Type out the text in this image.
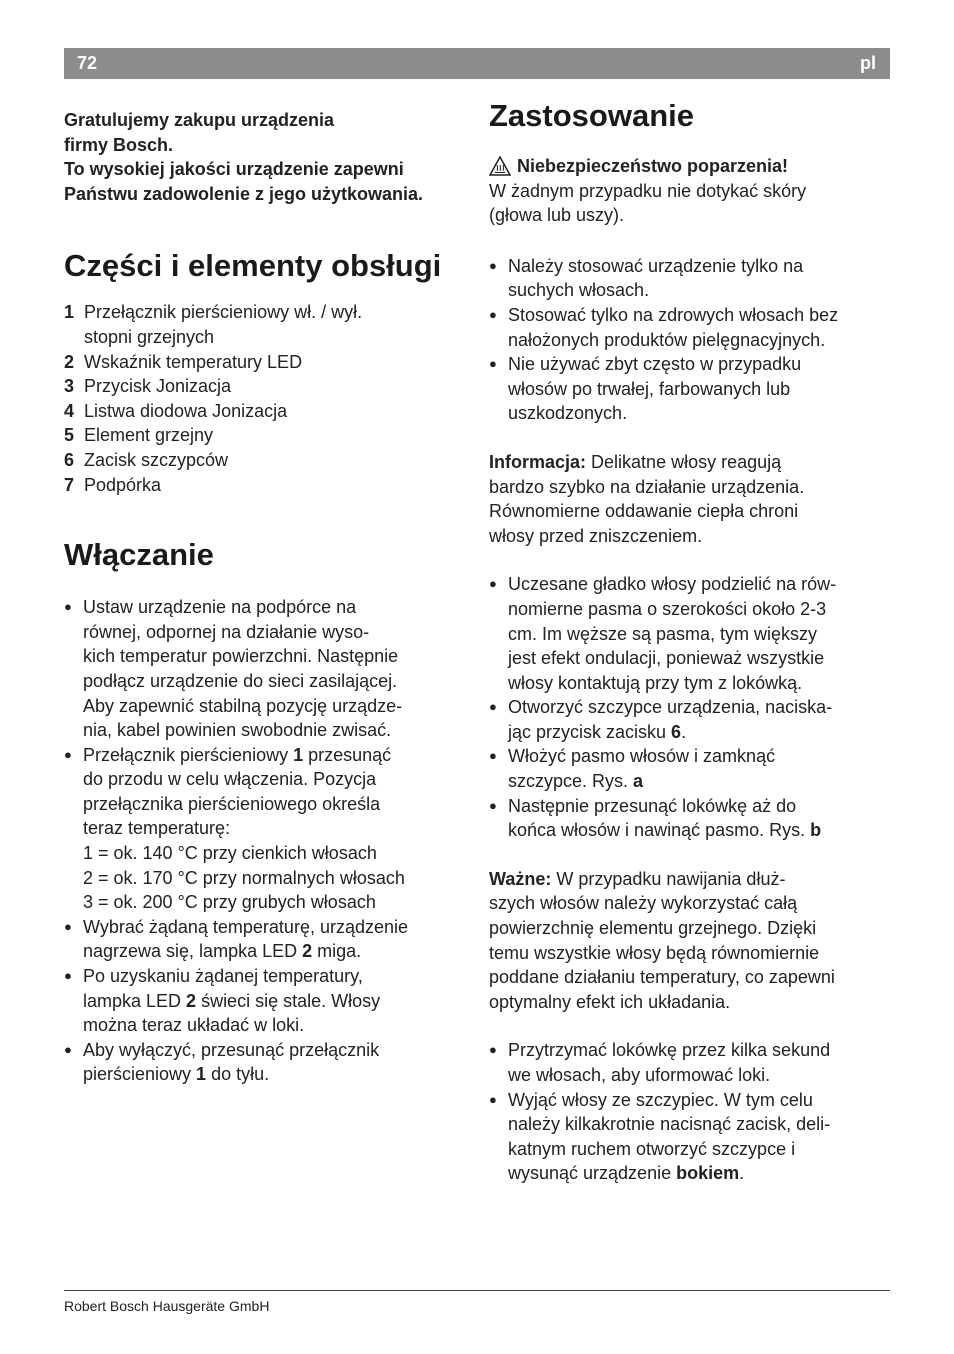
72	pl

Gratulujemy zakupu urządzenia

firmy Bosch.

To wysokiej jakości urządzenie zapewni

Państwu zadowolenie z jego użytkowania.

Części i elementy obsługi
1 Przełącznik pierścieniowy wł. / wył.
stopni grzejnych
2 Wskaźnik temperatury LED
3 Przycisk Jonizacja
4 Listwa diodowa Jonizacja
5 Element grzejny
6 Zacisk szczypców
7 Podpórka
Włączanie
● Ustaw urządzenie na podpórce na
równej, odpornej na działanie wyso-
kich temperatur powierzchni. Następnie
podłącz urządzenie do sieci zasilającej.
Aby zapewnić stabilną pozycję urządze-
nia, kabel powinien swobodnie zwisać.
● Przełącznik pierścieniowy 1 przesunąć
do przodu w celu włączenia. Pozycja
przełącznika pierścieniowego określa
teraz temperaturę:
1 = ok. 140 °C przy cienkich włosach
2 = ok. 170 °C przy normalnych włosach
3 = ok. 200 °C przy grubych włosach
● Wybrać żądaną temperaturę, urządzenie
nagrzewa się, lampka LED 2 miga.
● Po uzyskaniu żądanej temperatury,
lampka LED 2 świeci się stale. Włosy
można teraz układać w loki.
● Aby wyłączyć, przesunąć przełącznik
pierścieniowy 1 do tyłu.
Zastosowanie
Niebezpieczeństwo poparzenia!

W żadnym przypadku nie dotykać skóry

(głowa lub uszy).

● Należy stosować urządzenie tylko na
suchych włosach.
● Stosować tylko na zdrowych włosach bez
nałożonych produktów pielęgnacyjnych.
● Nie używać zbyt często w przypadku
włosów po trwałej, farbowanych lub
uszkodzonych.
Informacja: Delikatne włosy reagują
bardzo szybko na działanie urządzenia.
Równomierne oddawanie ciepła chroni
włosy przed zniszczeniem.
● Uczesane gładko włosy podzielić na rów-
nomierne pasma o szerokości około 2-3
cm. Im węższe są pasma, tym większy
jest efekt ondulacji, ponieważ wszystkie
włosy kontaktują przy tym z lokówką.
● Otworzyć szczypce urządzenia, naciska-
jąc przycisk zacisku 6.
● Włożyć pasmo włosów i zamknąć
szczypce. Rys. a
● Następnie przesunąć lokówkę aż do
końca włosów i nawinąć pasmo. Rys. b
Ważne: W przypadku nawijania dłuż-
szych włosów należy wykorzystać całą
powierzchnię elementu grzejnego. Dzięki
temu wszystkie włosy będą równomiernie
poddane działaniu temperatury, co zapewni
optymalny efekt ich układania.
● Przytrzymać lokówkę przez kilka sekund
we włosach, aby uformować loki.
● Wyjąć włosy ze szczypiec. W tym celu
należy kilkakrotnie nacisnąć zacisk, deli-
katnym ruchem otworzyć szczypce i
wysunąć urządzenie bokiem.
Robert Bosch Hausgeräte GmbH
